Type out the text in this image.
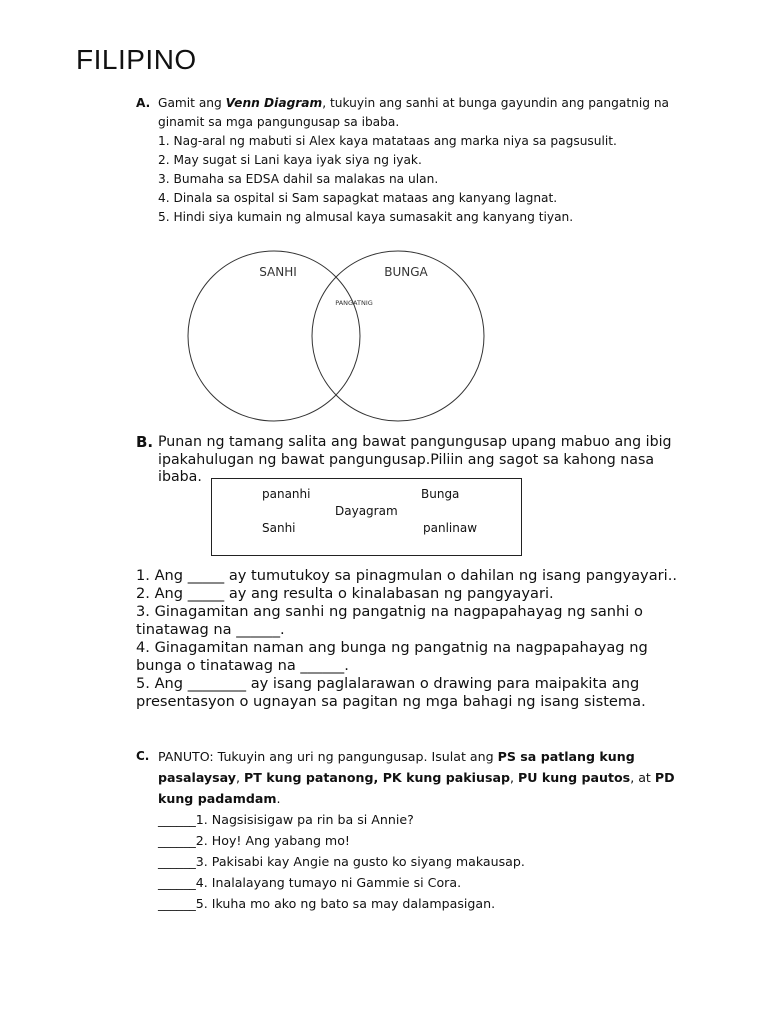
FILIPINO
A. Gamit ang Venn Diagram, tukuyin ang sanhi at bunga gayundin ang pangatnig na ginamit sa mga pangungusap sa ibaba.
1. Nag-aral ng mabuti si Alex kaya matataas ang marka niya sa pagsusulit.
2. May sugat si Lani kaya iyak siya ng iyak.
3. Bumaha sa EDSA dahil sa malakas na ulan.
4. Dinala sa ospital si Sam sapagkat mataas ang kanyang lagnat.
5. Hindi siya kumain ng almusal kaya sumasakit ang kanyang tiyan.
SANHI	BUNGA
PANGATNIG
B. Punan ng tamang salita ang bawat pangungusap upang mabuo ang ibig ipakahulugan ng bawat pangungusap.Piliin ang sagot sa kahong nasa ibaba.
pananhi	Bunga
Dayagram
Sanhi	panlinaw
1. Ang _____ ay tumutukoy sa pinagmulan o dahilan ng isang pangyayari..
2. Ang _____ ay ang resulta o kinalabasan ng pangyayari.
3. Ginagamitan ang sanhi ng pangatnig na nagpapahayag ng sanhi o tinatawag na ______.
4. Ginagamitan naman ang bunga ng pangatnig na nagpapahayag ng bunga o tinatawag na ______.
5. Ang ________ ay isang paglalarawan o drawing para maipakita ang presentasyon o ugnayan sa pagitan ng mga bahagi ng isang sistema.
C. PANUTO: Tukuyin ang uri ng pangungusap. Isulat ang PS sa patlang kung pasalaysay, PT kung patanong, PK kung pakiusap, PU kung pautos, at PD kung padamdam.
______1. Nagsisisigaw pa rin ba si Annie?
______2. Hoy! Ang yabang mo!
______3. Pakisabi kay Angie na gusto ko siyang makausap.
______4. Inalalayang tumayo ni Gammie si Cora.
______5. Ikuha mo ako ng bato sa may dalampasigan.
